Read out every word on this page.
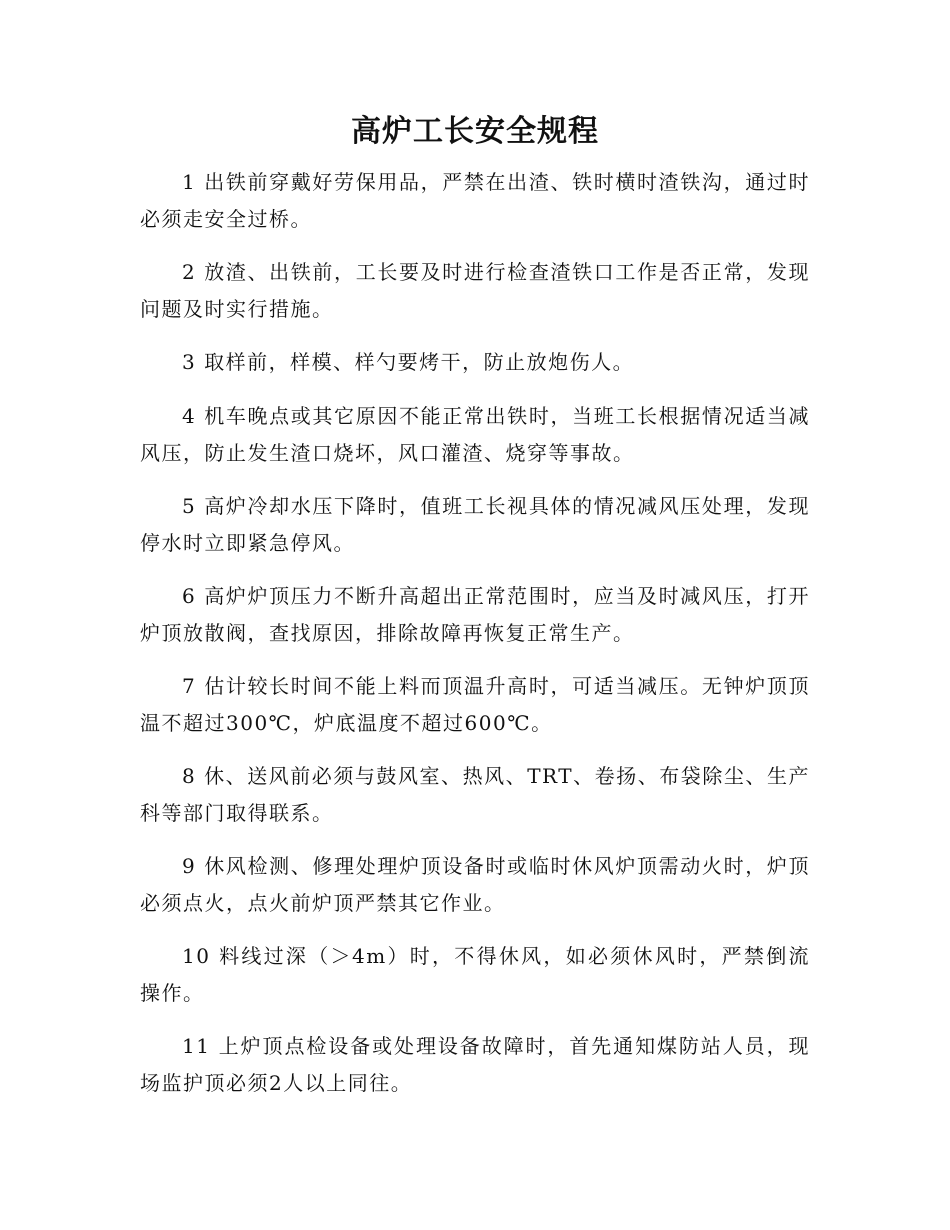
高炉工长安全规程
1 出铁前穿戴好劳保用品，严禁在出渣、铁时横时渣铁沟，通过时必须走安全过桥。
2 放渣、出铁前，工长要及时进行检查渣铁口工作是否正常，发现问题及时实行措施。
3 取样前，样模、样勺要烤干，防止放炮伤人。
4 机车晚点或其它原因不能正常出铁时，当班工长根据情况适当减风压，防止发生渣口烧坏，风口灌渣、烧穿等事故。
5 高炉冷却水压下降时，值班工长视具体的情况减风压处理，发现停水时立即紧急停风。
6 高炉炉顶压力不断升高超出正常范围时，应当及时减风压，打开炉顶放散阀，查找原因，排除故障再恢复正常生产。
7 估计较长时间不能上料而顶温升高时，可适当减压。无钟炉顶顶温不超过300℃，炉底温度不超过600℃。
8 休、送风前必须与鼓风室、热风、TRT、卷扬、布袋除尘、生产科等部门取得联系。
9 休风检测、修理处理炉顶设备时或临时休风炉顶需动火时，炉顶必须点火，点火前炉顶严禁其它作业。
10 料线过深（＞4m）时，不得休风，如必须休风时，严禁倒流操作。
11 上炉顶点检设备或处理设备故障时，首先通知煤防站人员，现场监护顶必须2人以上同往。
